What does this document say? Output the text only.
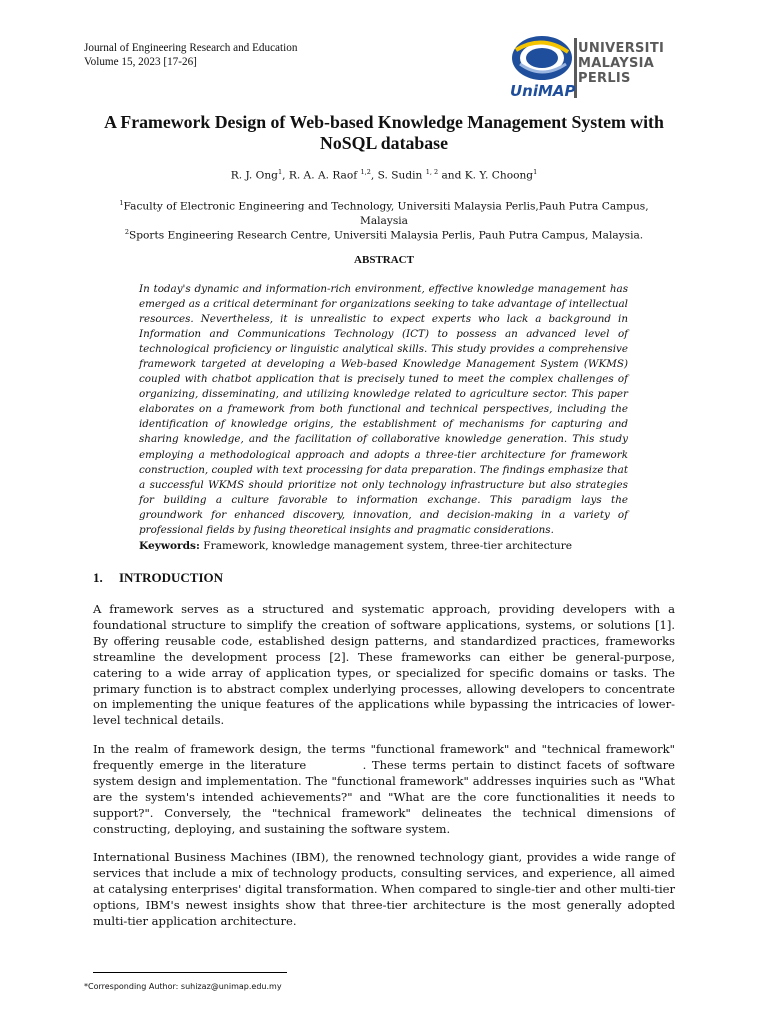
Journal of Engineering Research and Education
Volume 15, 2023 [17-26]
UniMAP
UNIVERSITI
MALAYSIA
PERLIS
A Framework Design of Web-based Knowledge Management System with NoSQL database
R. J. Ong$^1$, R. A. A. Raof $^{1,2}$, S. Sudin $^{1, 2}$ and K. Y. Choong$^1$
$^1$Faculty of Electronic Engineering and Technology, Universiti Malaysia Perlis,Pauh Putra Campus, Malaysia
$^2$Sports Engineering Research Centre, Universiti Malaysia Perlis, Pauh Putra Campus, Malaysia.
ABSTRACT
In today's dynamic and information-rich environment, effective knowledge management has emerged as a critical determinant for organizations seeking to take advantage of intellectual resources. Nevertheless, it is unrealistic to expect experts who lack a background in Information and Communications Technology (ICT) to possess an advanced level of technological proficiency or linguistic analytical skills. This study provides a comprehensive framework targeted at developing a Web-based Knowledge Management System (WKMS) coupled with chatbot application that is precisely tuned to meet the complex challenges of organizing, disseminating, and utilizing knowledge related to agriculture sector. This paper elaborates on a framework from both functional and technical perspectives, including the identification of knowledge origins, the establishment of mechanisms for capturing and sharing knowledge, and the facilitation of collaborative knowledge generation. This study employing a methodological approach and adopts a three-tier architecture for framework construction, coupled with text processing for data preparation. The findings emphasize that a successful WKMS should prioritize not only technology infrastructure but also strategies for building a culture favorable to information exchange. This paradigm lays the groundwork for enhanced discovery, innovation, and decision-making in a variety of professional fields by fusing theoretical insights and pragmatic considerations.
Keywords: Framework, knowledge management system, three-tier architecture
1. INTRODUCTION
A framework serves as a structured and systematic approach, providing developers with a foundational structure to simplify the creation of software applications, systems, or solutions [1]. By offering reusable code, established design patterns, and standardized practices, frameworks streamline the development process [2]. These frameworks can either be general-purpose, catering to a wide array of application types, or specialized for specific domains or tasks. The primary function is to abstract complex underlying processes, allowing developers to concentrate on implementing the unique features of the applications while bypassing the intricacies of lower-level technical details.
In the realm of framework design, the terms "functional framework" and "technical framework" frequently emerge in the literature          . These terms pertain to distinct facets of software system design and implementation. The "functional framework" addresses inquiries such as "What are the system's intended achievements?" and "What are the core functionalities it needs to support?". Conversely, the "technical framework" delineates the technical dimensions of constructing, deploying, and sustaining the software system.
International Business Machines (IBM), the renowned technology giant, provides a wide range of services that include a mix of technology products, consulting services, and experience, all aimed at catalysing enterprises' digital transformation. When compared to single-tier and other multi-tier options, IBM's newest insights show that three-tier architecture is the most generally adopted multi-tier application architecture.
*Corresponding Author: suhizaz@unimap.edu.my
